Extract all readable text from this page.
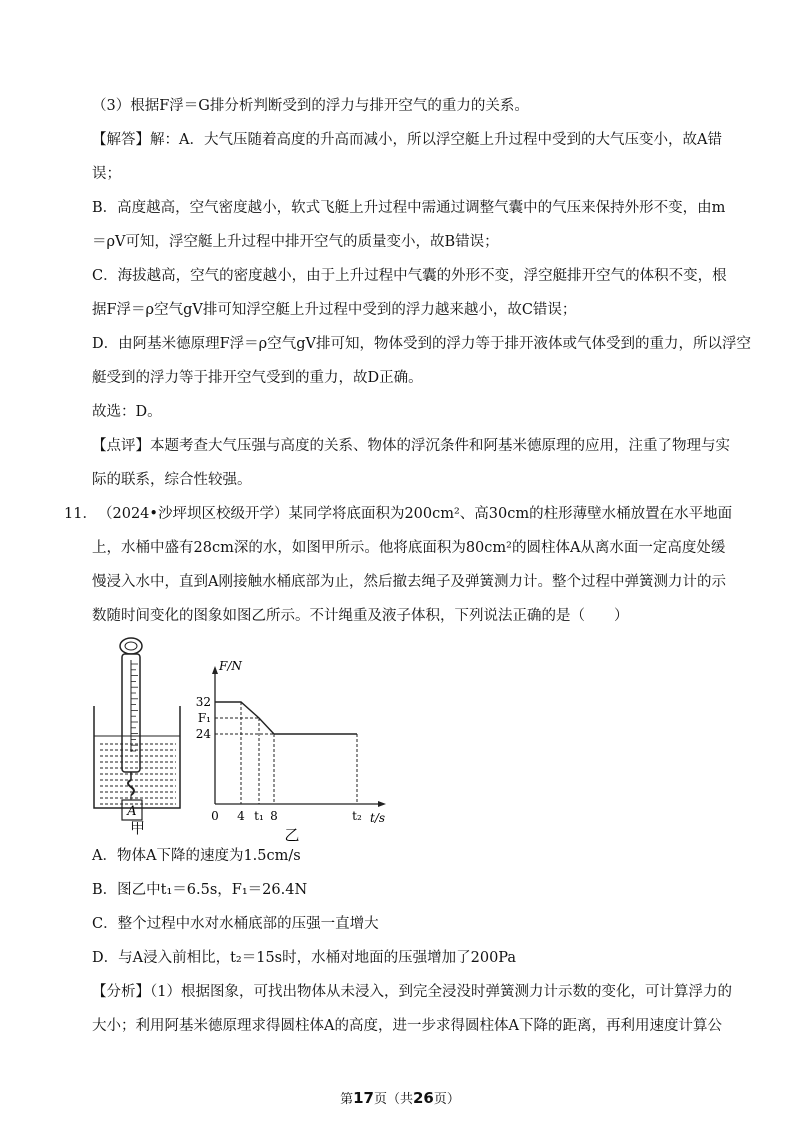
（3）根据F浮＝G排分析判断受到的浮力与排开空气的重力的关系。
【解答】解：A．大气压随着高度的升高而减小，所以浮空艇上升过程中受到的大气压变小，故A错
误；
B．高度越高，空气密度越小，软式飞艇上升过程中需通过调整气囊中的气压来保持外形不变，由m
＝ρV可知，浮空艇上升过程中排开空气的质量变小，故B错误；
C．海拔越高，空气的密度越小，由于上升过程中气囊的外形不变，浮空艇排开空气的体积不变，根
据F浮＝ρ空气gV排可知浮空艇上升过程中受到的浮力越来越小，故C错误；
D．由阿基米德原理F浮＝ρ空气gV排可知，物体受到的浮力等于排开液体或气体受到的重力，所以浮空
艇受到的浮力等于排开空气受到的重力，故D正确。
故选：D。
【点评】本题考查大气压强与高度的关系、物体的浮沉条件和阿基米德原理的应用，注重了物理与实
际的联系，综合性较强。
11． （2024•沙坪坝区校级开学）某同学将底面积为200cm²、高30cm的柱形薄壁水桶放置在水平地面
上，水桶中盛有28cm深的水，如图甲所示。他将底面积为80cm²的圆柱体A从离水面一定高度处缓
慢浸入水中，直到A刚接触水桶底部为止，然后撤去绳子及弹簧测力计。整个过程中弹簧测力计的示
数随时间变化的图象如图乙所示。不计绳重及液子体积，下列说法正确的是（　　）
A
甲
F/N
t/s
32
F₁
24
0 4 t₁ 8	t₂
乙
A．物体A下降的速度为1.5cm/s
B．图乙中t₁＝6.5s，F₁＝26.4N
C．整个过程中水对水桶底部的压强一直增大
D．与A浸入前相比，t₂＝15s时，水桶对地面的压强增加了200Pa
【分析】（1）根据图象，可找出物体从未浸入，到完全浸没时弹簧测力计示数的变化，可计算浮力的
大小；利用阿基米德原理求得圆柱体A的高度，进一步求得圆柱体A下降的距离，再利用速度计算公
第17页（共26页）
